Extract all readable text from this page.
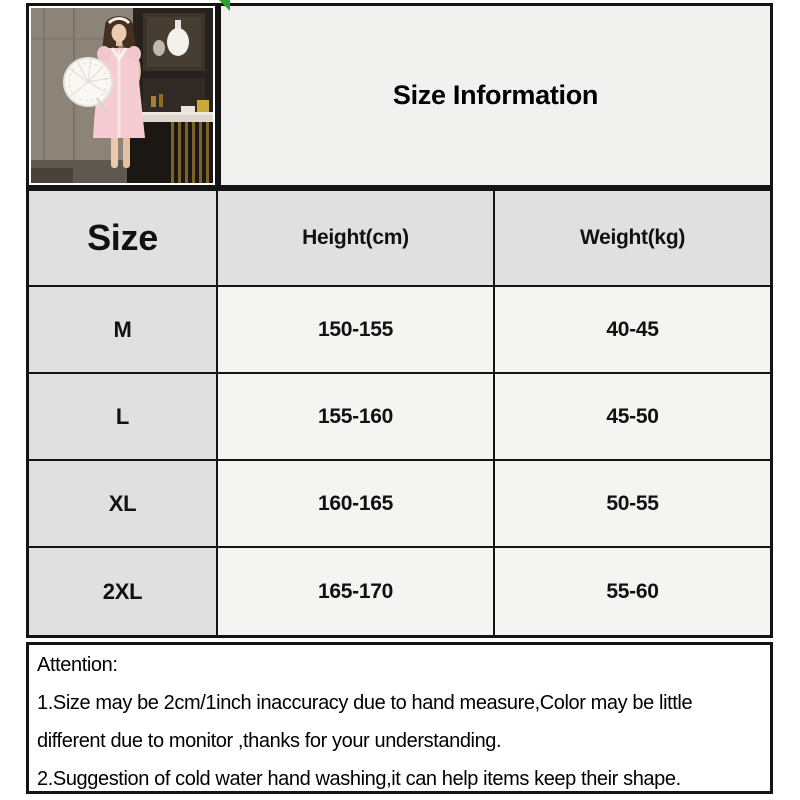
Size Information
Size	Height(cm)	Weight(kg)
M	150-155	40-45
L	155-160	45-50
XL	160-165	50-55
2XL	165-170	55-60
Attention:
1.Size may be 2cm/1inch inaccuracy due to hand measure,Color may be little
different due to monitor ,thanks for your understanding.
2.Suggestion of cold water hand washing,it can help items keep their shape.
